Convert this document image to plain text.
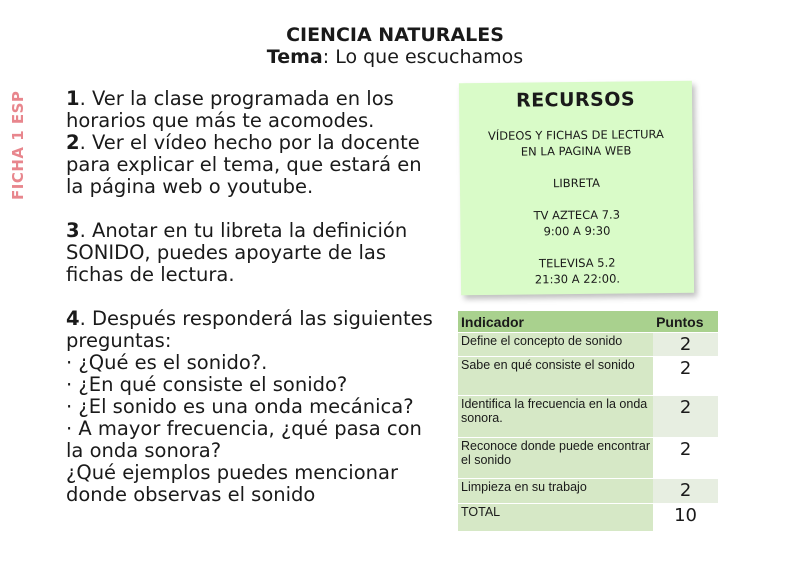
CIENCIA NATURALES
Tema: Lo que escuchamos
FICHA 1 ESP 1. Ver la clase programada en los horarios que más te acomodes.

2. Ver el vídeo hecho por la docente para explicar el tema, que estará en la página web o youtube.

3. Anotar en tu libreta la definición SONIDO, puedes apoyarte de las fichas de lectura.

4. Después responderá las siguientes preguntas:

· ¿Qué es el sonido?.

· ¿En qué consiste el sonido?

· ¿El sonido es una onda mecánica?

· A mayor frecuencia, ¿qué pasa con la onda sonora?

¿Qué ejemplos puedes mencionar donde observas el sonido

RECURSOS
VÍDEOS Y FICHAS DE LECTURA
EN LA PAGINA WEB
LIBRETA
TV AZTECA 7.3
9:00 A 9:30
TELEVISA 5.2
21:30 A 22:00.
Indicador	Puntos
Define el concepto de sonido	2
Sabe en qué consiste el sonido	2
Identifica la frecuencia en la onda sonora.	2
Reconoce donde puede encontrar el sonido	2
Limpieza en su trabajo	2
TOTAL	10
